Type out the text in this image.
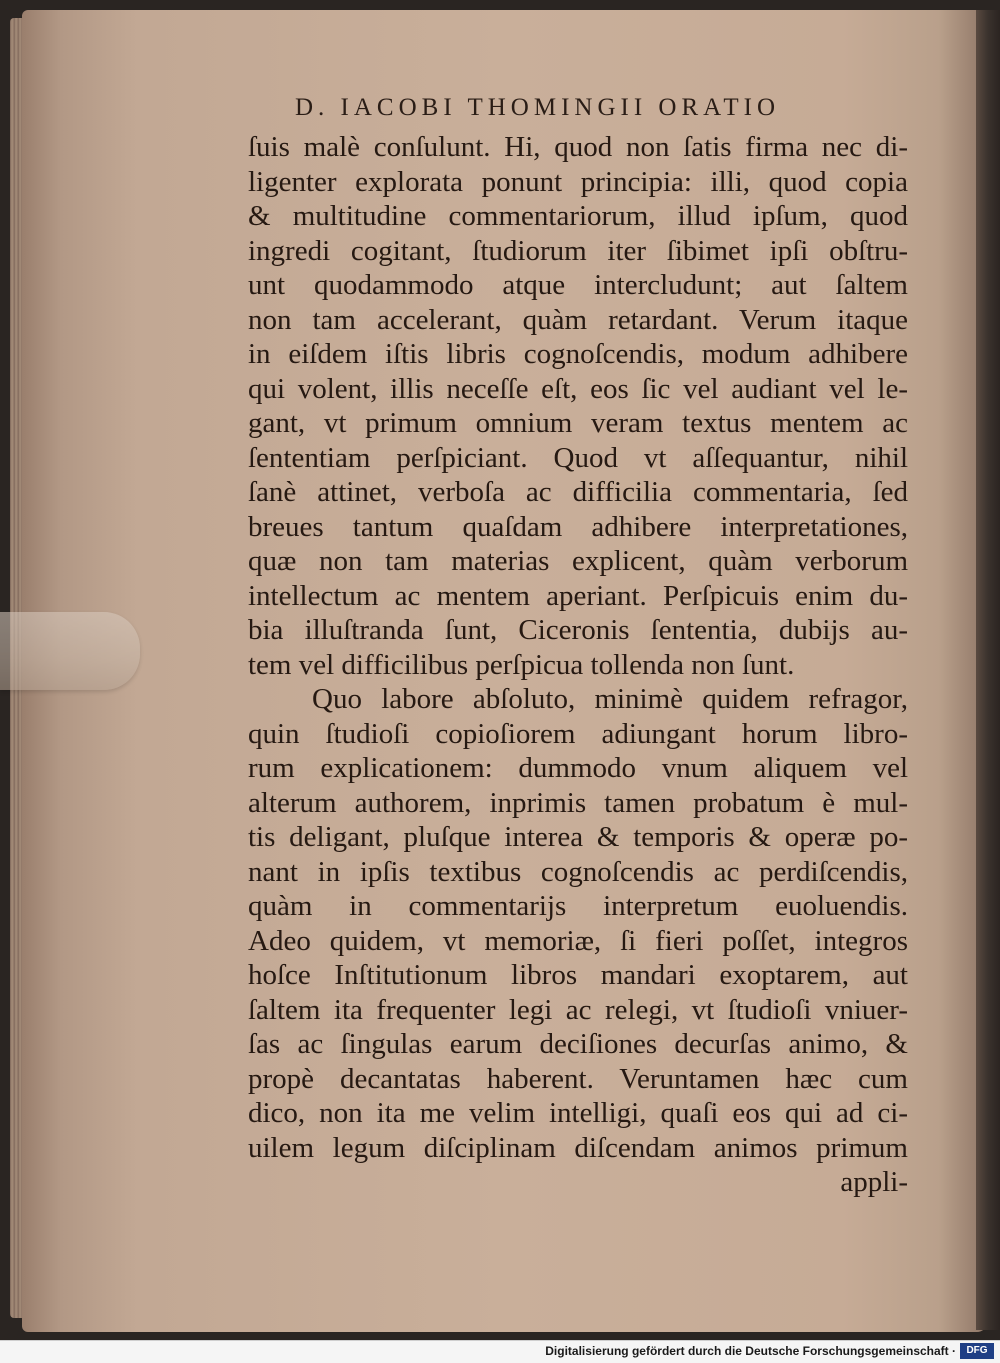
D. IACOBI THOMINGII ORATIO
ſuis malè conſulunt. Hi, quod non ſatis firma nec di-
ligenter explorata ponunt principia: illi, quod copia
& multitudine commentariorum, illud ipſum, quod
ingredi cogitant, ſtudiorum iter ſibimet ipſi obſtru-
unt quodammodo atque intercludunt; aut ſaltem
non tam accelerant, quàm retardant. Verum itaque
in eiſdem iſtis libris cognoſcendis, modum adhibere
qui volent, illis neceſſe eſt, eos ſic vel audiant vel le-
gant, vt primum omnium veram textus mentem ac
ſententiam perſpiciant. Quod vt aſſequantur, nihil
ſanè attinet, verboſa ac difficilia commentaria, ſed
breues tantum quaſdam adhibere interpretationes,
quæ non tam materias explicent, quàm verborum
intellectum ac mentem aperiant. Perſpicuis enim du-
bia illuſtranda ſunt, Ciceronis ſententia, dubijs au-
tem vel difficilibus perſpicua tollenda non ſunt.
Quo labore abſoluto, minimè quidem refragor,
quin ſtudioſi copioſiorem adiungant horum libro-
rum explicationem: dummodo vnum aliquem vel
alterum authorem, inprimis tamen probatum è mul-
tis deligant, pluſque interea & temporis & operæ po-
nant in ipſis textibus cognoſcendis ac perdiſcendis,
quàm in commentarijs interpretum euoluendis.
Adeo quidem, vt memoriæ, ſi fieri poſſet, integros
hoſce Inſtitutionum libros mandari exoptarem, aut
ſaltem ita frequenter legi ac relegi, vt ſtudioſi vniuer-
ſas ac ſingulas earum deciſiones decurſas animo, &
propè decantatas haberent. Veruntamen hæc cum
dico, non ita me velim intelligi, quaſi eos qui ad ci-
uilem legum diſciplinam diſcendam animos primum
appli-
Digitalisierung gefördert durch die Deutsche Forschungsgemeinschaft ·	DFG
